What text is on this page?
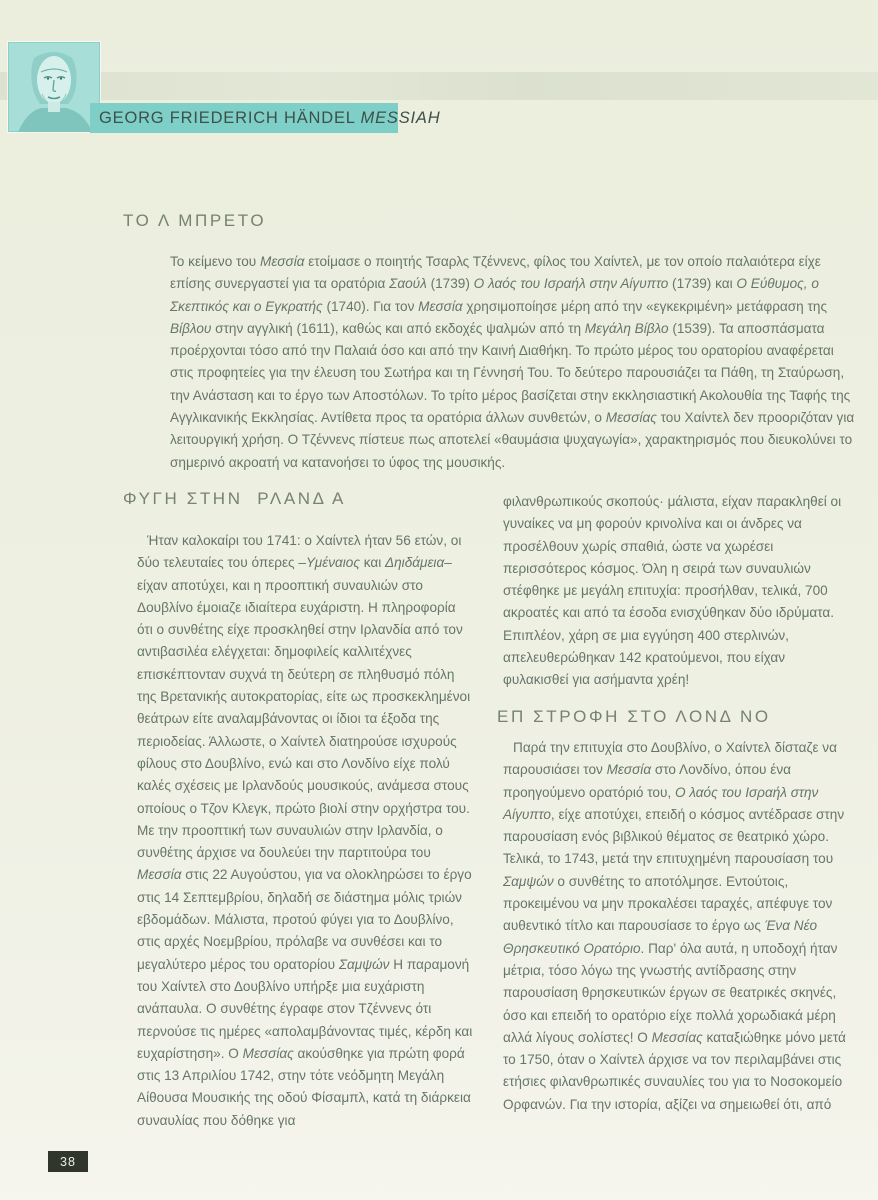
GEORG FRIEDERICH HÄNDEL MESSIAH
ΤΟ Λ ΜΠΡΕΤΟ
Το κείμενο του Μεσσία ετοίμασε ο ποιητής Τσαρλς Τζέννενς, φίλος του Χαίντελ, με τον οποίο παλαιότερα είχε επίσης συνεργαστεί για τα ορατόρια Σαούλ (1739) Ο λαός του Ισραήλ στην Αίγυπτο (1739) και Ο Εύθυμος, ο Σκεπτικός και ο Εγκρατής (1740). Για τον Μεσσία χρησιμοποίησε μέρη από την «εγκεκριμένη» μετάφραση της Βίβλου στην αγγλική (1611), καθώς και από εκδοχές ψαλμών από τη Μεγάλη Βίβλο (1539). Τα αποσπάσματα προέρχονται τόσο από την Παλαιά όσο και από την Καινή Διαθήκη. Το πρώτο μέρος του ορατορίου αναφέρεται στις προφητείες για την έλευση του Σωτήρα και τη Γέννησή Του. Το δεύτερο παρουσιάζει τα Πάθη, τη Σταύρωση, την Ανάσταση και το έργο των Αποστόλων. Το τρίτο μέρος βασίζεται στην εκκλησιαστική Ακολουθία της Ταφής της Αγγλικανικής Εκκλησίας. Αντίθετα προς τα ορατόρια άλλων συνθετών, ο Μεσσίας του Χαίντελ δεν προοριζόταν για λειτουργική χρήση. Ο Τζέννενς πίστευε πως αποτελεί «θαυμάσια ψυχαγωγία», χαρακτηρισμός που διευκολύνει το σημερινό ακροατή να κατανοήσει το ύφος της μουσικής.
ΦΥΓΗ ΣΤΗΝ  ΡΛΑΝΔ Α
Ήταν καλοκαίρι του 1741: ο Χαίντελ ήταν 56 ετών, οι δύο τελευταίες του όπερες –Υμέναιος και Δηιδάμεια– είχαν αποτύχει, και η προοπτική συναυλιών στο Δουβλίνο έμοιαζε ιδιαίτερα ευχάριστη. Η πληροφορία ότι ο συνθέτης είχε προσκληθεί στην Ιρλανδία από τον αντιβασιλέα ελέγχεται: δημοφιλείς καλλιτέχνες επισκέπτονταν συχνά τη δεύτερη σε πληθυσμό πόλη της Βρετανικής αυτοκρατορίας, είτε ως προσκεκλημένοι θεάτρων είτε αναλαμβάνοντας οι ίδιοι τα έξοδα της περιοδείας. Άλλωστε, ο Χαίντελ διατηρούσε ισχυρούς φίλους στο Δουβλίνο, ενώ και στο Λονδίνο είχε πολύ καλές σχέσεις με Ιρλανδούς μουσικούς, ανάμεσα στους οποίους ο Τζον Κλεγκ, πρώτο βιολί στην ορχήστρα του. Με την προοπτική των συναυλιών στην Ιρλανδία, ο συνθέτης άρχισε να δουλεύει την παρτιτούρα του Μεσσία στις 22 Αυγούστου, για να ολοκληρώσει το έργο στις 14 Σεπτεμβρίου, δηλαδή σε διάστημα μόλις τριών εβδομάδων. Μάλιστα, προτού φύγει για το Δουβλίνο, στις αρχές Νοεμβρίου, πρόλαβε να συνθέσει και το μεγαλύτερο μέρος του ορατορίου Σαμψών Η παραμονή του Χαίντελ στο Δουβλίνο υπήρξε μια ευχάριστη ανάπαυλα. Ο συνθέτης έγραφε στον Τζέννενς ότι περνούσε τις ημέρες «απολαμβάνοντας τιμές, κέρδη και ευχαρίστηση». Ο Μεσσίας ακούσθηκε για πρώτη φορά στις 13 Απριλίου 1742, στην τότε νεόδμητη Μεγάλη Αίθουσα Μουσικής της οδού Φίσαμπλ, κατά τη διάρκεια συναυλίας που δόθηκε για
φιλανθρωπικούς σκοπούς· μάλιστα, είχαν παρακληθεί οι γυναίκες να μη φορούν κρινολίνα και οι άνδρες να προσέλθουν χωρίς σπαθιά, ώστε να χωρέσει περισσότερος κόσμος. Όλη η σειρά των συναυλιών στέφθηκε με μεγάλη επιτυχία: προσήλθαν, τελικά, 700 ακροατές και από τα έσοδα ενισχύθηκαν δύο ιδρύματα. Επιπλέον, χάρη σε μια εγγύηση 400 στερλινών, απελευθερώθηκαν 142 κρατούμενοι, που είχαν φυλακισθεί για ασήμαντα χρέη!
ΕΠ ΣΤΡΟΦΗ ΣΤΟ ΛΟΝΔ ΝΟ
Παρά την επιτυχία στο Δουβλίνο, ο Χαίντελ δίσταζε να παρουσιάσει τον Μεσσία στο Λονδίνο, όπου ένα προηγούμενο ορατόριό του, Ο λαός του Ισραήλ στην Αίγυπτο, είχε αποτύχει, επειδή ο κόσμος αντέδρασε στην παρουσίαση ενός βιβλικού θέματος σε θεατρικό χώρο. Τελικά, το 1743, μετά την επιτυχημένη παρουσίαση του Σαμψών ο συνθέτης το αποτόλμησε. Εντούτοις, προκειμένου να μην προκαλέσει ταραχές, απέφυγε τον αυθεντικό τίτλο και παρουσίασε το έργο ως Ένα Νέο Θρησκευτικό Ορατόριο. Παρ' όλα αυτά, η υποδοχή ήταν μέτρια, τόσο λόγω της γνωστής αντίδρασης στην παρουσίαση θρησκευτικών έργων σε θεατρικές σκηνές, όσο και επειδή το ορατόριο είχε πολλά χορωδιακά μέρη αλλά λίγους σολίστες! Ο Μεσσίας καταξιώθηκε μόνο μετά το 1750, όταν ο Χαίντελ άρχισε να τον περιλαμβάνει στις ετήσιες φιλανθρωπικές συναυλίες του για το Νοσοκομείο Ορφανών. Για την ιστορία, αξίζει να σημειωθεί ότι, από
38
